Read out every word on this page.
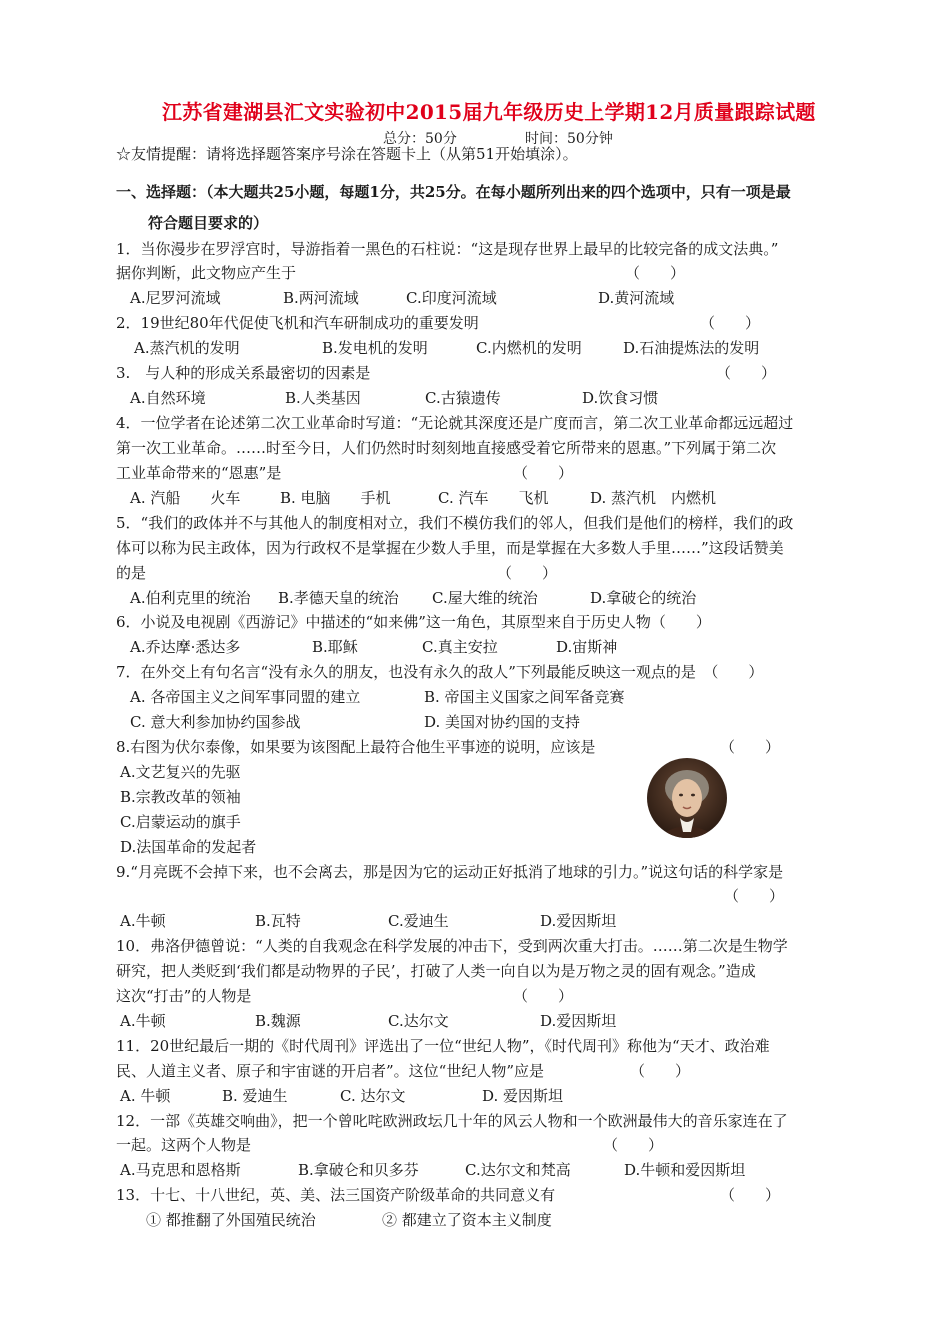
江苏省建湖县汇文实验初中2015届九年级历史上学期12月质量跟踪试题
总分：50分	时间：50分钟
☆友情提醒：请将选择题答案序号涂在答题卡上（从第51开始填涂）。
一、选择题：（本大题共25小题，每题1分，共25分。在每小题所列出来的四个选项中，只有一项是最
符合题目要求的）
1．当你漫步在罗浮宫时，导游指着一黑色的石柱说：“这是现存世界上最早的比较完备的成文法典。”
据你判断，此文物应产生于	（　　）
A.尼罗河流域	B.两河流域	C.印度河流域	D.黄河流域
2．19世纪80年代促使飞机和汽车研制成功的重要发明	（　　）
A.蒸汽机的发明	B.发电机的发明	C.内燃机的发明	D.石油提炼法的发明
3.　与人种的形成关系最密切的因素是	（　　）
A.自然环境	B.人类基因	C.古猿遗传	D.饮食习惯
4．一位学者在论述第二次工业革命时写道：“无论就其深度还是广度而言，第二次工业革命都远远超过
第一次工业革命。……时至今日，人们仍然时时刻刻地直接感受着它所带来的恩惠。”下列属于第二次
工业革命带来的“恩惠”是	（　　）
A. 汽船　　火车	B. 电脑　　手机	C. 汽车　　飞机	D. 蒸汽机　内燃机
5．“我们的政体并不与其他人的制度相对立，我们不模仿我们的邻人，但我们是他们的榜样，我们的政
体可以称为民主政体，因为行政权不是掌握在少数人手里，而是掌握在大多数人手里……”这段话赞美
的是	（　　）
A.伯利克里的统治 B.孝德天皇的统治 C.屋大维的统治	D.拿破仑的统治
6．小说及电视剧《西游记》中描述的“如来佛”这一角色，其原型来自于历史人物（　　）
A.乔达摩·悉达多	B.耶稣	C.真主安拉	D.宙斯神
7．在外交上有句名言“没有永久的朋友，也没有永久的敌人”下列最能反映这一观点的是　（　　）
A. 各帝国主义之间军事同盟的建立	B. 帝国主义国家之间军备竞赛
C. 意大利参加协约国参战	D. 美国对协约国的支持
8.右图为伏尔泰像，如果要为该图配上最符合他生平事迹的说明，应该是	（　　）
A.文艺复兴的先驱
B.宗教改革的领袖
C.启蒙运动的旗手
D.法国革命的发起者
9.“月亮既不会掉下来，也不会离去，那是因为它的运动正好抵消了地球的引力。”说这句话的科学家是
（　　）
A.牛顿	B.瓦特	C.爱迪生	D.爱因斯坦
10．弗洛伊德曾说：“人类的自我观念在科学发展的冲击下，受到两次重大打击。……第二次是生物学
研究，把人类贬到‘我们都是动物界的子民’，打破了人类一向自以为是万物之灵的固有观念。”造成
这次“打击”的人物是	（　　）
A.牛顿	B.魏源	C.达尔文	D.爱因斯坦
11．20世纪最后一期的《时代周刊》评选出了一位“世纪人物”，《时代周刊》称他为“天才、政治难
民、人道主义者、原子和宇宙谜的开启者”。这位“世纪人物”应是	（　　）
A. 牛顿	B. 爱迪生	C. 达尔文	D. 爱因斯坦
12．一部《英雄交响曲》，把一个曾叱咤欧洲政坛几十年的风云人物和一个欧洲最伟大的音乐家连在了
一起。这两个人物是	（　　）
A.马克思和恩格斯	B.拿破仑和贝多芬	C.达尔文和梵高	D.牛顿和爱因斯坦
13．十七、十八世纪，英、美、法三国资产阶级革命的共同意义有	（　　）
① 都推翻了外国殖民统治	② 都建立了资本主义制度
